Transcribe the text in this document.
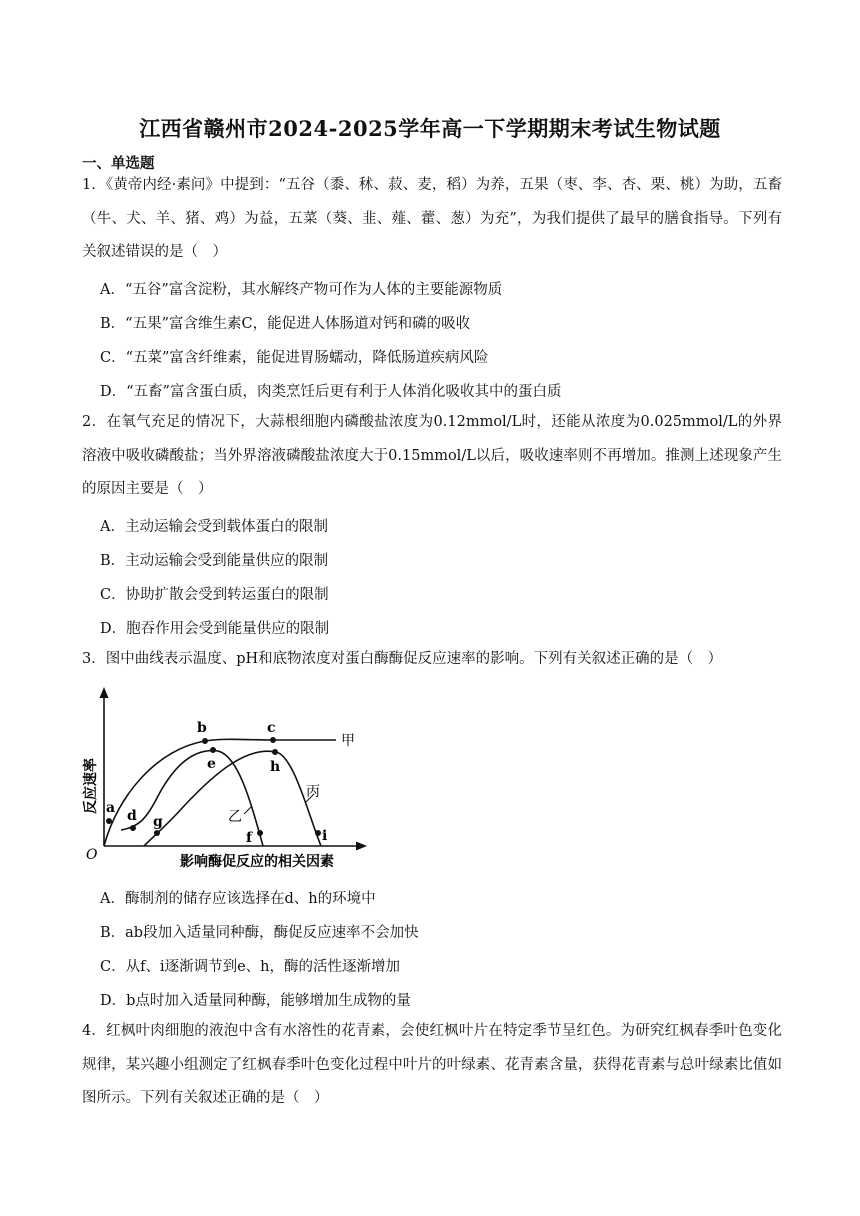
江西省赣州市2024-2025学年高一下学期期末考试生物试题
一、单选题
1．《黄帝内经·素问》中提到：“五谷（黍、秫、菽、麦，稻）为养，五果（枣、李、杏、栗、桃）为助，五畜（牛、犬、羊、猪、鸡）为益，五菜（葵、韭、薤、藿、葱）为充”，为我们提供了最早的膳食指导。下列有关叙述错误的是（　）
A．“五谷”富含淀粉，其水解终产物可作为人体的主要能源物质
B．“五果”富含维生素C，能促进人体肠道对钙和磷的吸收
C．“五菜”富含纤维素，能促进胃肠蠕动，降低肠道疾病风险
D．“五畜”富含蛋白质，肉类烹饪后更有利于人体消化吸收其中的蛋白质
2．在氧气充足的情况下，大蒜根细胞内磷酸盐浓度为0.12mmol/L时，还能从浓度为0.025mmol/L的外界溶液中吸收磷酸盐；当外界溶液磷酸盐浓度大于0.15mmol/L以后，吸收速率则不再增加。推测上述现象产生的原因主要是（　）
A．主动运输会受到载体蛋白的限制
B．主动运输会受到能量供应的限制
C．协助扩散会受到转运蛋白的限制
D．胞吞作用会受到能量供应的限制
3．图中曲线表示温度、pH和底物浓度对蛋白酶酶促反应速率的影响。下列有关叙述正确的是（　）
a
b	c
d
e
f
g
h
i
甲
乙
丙
O
反应速率
影响酶促反应的相关因素
A．酶制剂的储存应该选择在d、h的环境中
B．ab段加入适量同种酶，酶促反应速率不会加快
C．从f、i逐渐调节到e、h，酶的活性逐渐增加
D．b点时加入适量同种酶，能够增加生成物的量
4．红枫叶肉细胞的液泡中含有水溶性的花青素，会使红枫叶片在特定季节呈红色。为研究红枫春季叶色变化规律，某兴趣小组测定了红枫春季叶色变化过程中叶片的叶绿素、花青素含量，获得花青素与总叶绿素比值如图所示。下列有关叙述正确的是（　）
